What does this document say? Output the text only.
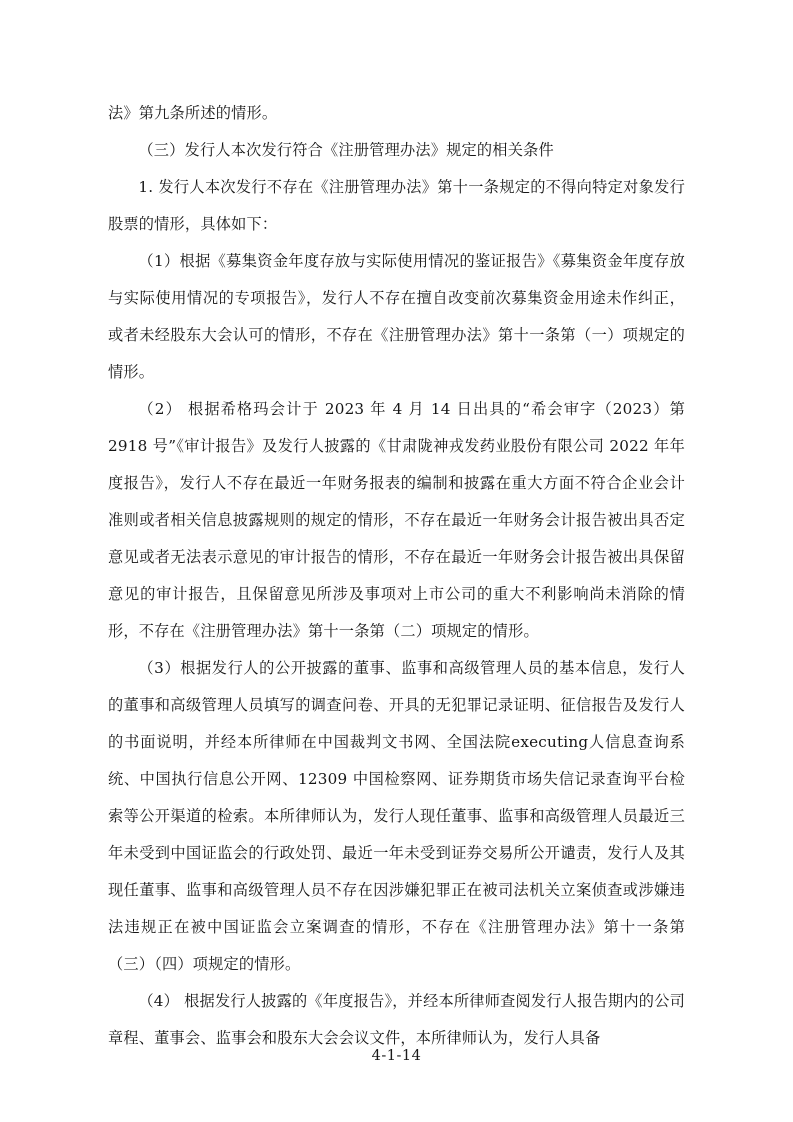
法》第九条所述的情形。

（三）发行人本次发行符合《注册管理办法》规定的相关条件

1. 发行人本次发行不存在《注册管理办法》第十一条规定的不得向特定对象发行股票的情形，具体如下：

（1）根据《募集资金年度存放与实际使用情况的鉴证报告》《募集资金年度存放与实际使用情况的专项报告》，发行人不存在擅自改变前次募集资金用途未作纠正，或者未经股东大会认可的情形，不存在《注册管理办法》第十一条第（一）项规定的情形。

（2） 根据希格玛会计于 2023 年 4 月 14 日出具的“希会审字（2023）第 2918 号”《审计报告》及发行人披露的《甘肃陇神戎发药业股份有限公司 2022 年年度报告》，发行人不存在最近一年财务报表的编制和披露在重大方面不符合企业会计准则或者相关信息披露规则的规定的情形，不存在最近一年财务会计报告被出具否定意见或者无法表示意见的审计报告的情形，不存在最近一年财务会计报告被出具保留意见的审计报告，且保留意见所涉及事项对上市公司的重大不利影响尚未消除的情形，不存在《注册管理办法》第十一条第（二）项规定的情形。

（3）根据发行人的公开披露的董事、监事和高级管理人员的基本信息，发行人的董事和高级管理人员填写的调查问卷、开具的无犯罪记录证明、征信报告及发行人的书面说明，并经本所律师在中国裁判文书网、全国法院executing人信息查询系统、中国执行信息公开网、12309 中国检察网、证券期货市场失信记录查询平台检索等公开渠道的检索。本所律师认为，发行人现任董事、监事和高级管理人员最近三年未受到中国证监会的行政处罚、最近一年未受到证券交易所公开谴责，发行人及其现任董事、监事和高级管理人员不存在因涉嫌犯罪正在被司法机关立案侦查或涉嫌违法违规正在被中国证监会立案调查的情形，不存在《注册管理办法》第十一条第（三）（四）项规定的情形。

（4） 根据发行人披露的《年度报告》，并经本所律师查阅发行人报告期内的公司章程、董事会、监事会和股东大会会议文件，本所律师认为，发行人具备

4-1-14
